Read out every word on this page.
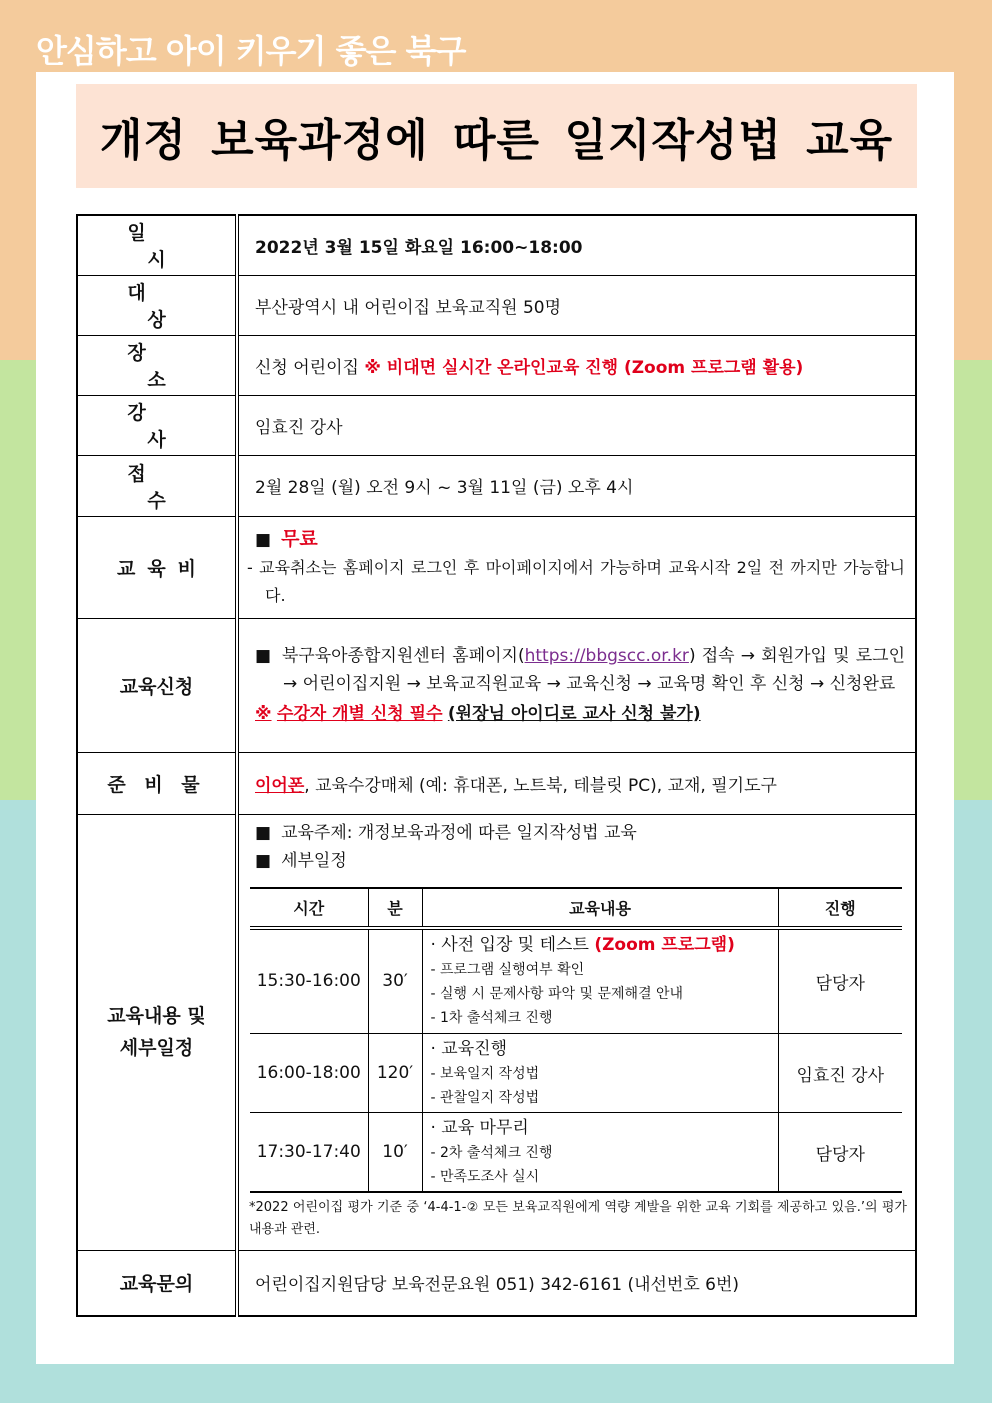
안심하고 아이 키우기 좋은 북구
개정 보육과정에 따른 일지작성법 교육
일 시	2022년 3월 15일 화요일 16:00~18:00
대 상	부산광역시 내 어린이집 보육교직원 50명
장 소	신청 어린이집 ※ 비대면 실시간 온라인교육 진행 (Zoom 프로그램 활용)
강 사	임효진 강사
접 수	2월 28일 (월) 오전 9시 ~ 3월 11일 (금) 오후 4시
교육비	
■ 무료
- 교육취소는 홈페이지 로그인 후 마이페이지에서 가능하며 교육시작 2일 전 까지만 가능합니다.

교육신청	
■ 북구육아종합지원센터 홈페이지(https://bbgscc.or.kr) 접속 → 회원가입 및 로그인 → 어린이집지원 → 보육교직원교육 → 교육신청 → 교육명 확인 후 신청 → 신청완료
※ 수강자 개별 신청 필수 (원장님 아이디로 교사 신청 불가)

준 비 물	이어폰, 교육수강매체 (예: 휴대폰, 노트북, 테블릿 PC), 교재, 필기도구

교육내용 및
세부일정

■ 교육주제: 개정보육과정에 따른 일지작성법 교육
■ 세부일정
시간	분	교육내용	진행
15:30-16:00	30′	
· 사전 입장 및 테스트 (Zoom 프로그램)
- 프로그램 실행여부 확인
- 실행 시 문제사항 파악 및 문제해결 안내
- 1차 출석체크 진행
	담당자
16:00-18:00	120′	
· 교육진행
- 보육일지 작성법
- 관찰일지 작성법
	임효진 강사
17:30-17:40	10′	
· 교육 마무리
- 2차 출석체크 진행
- 만족도조사 실시
	담당자
*2022 어린이집 평가 기준 중 ‘4-4-1-② 모든 보육교직원에게 역량 계발을 위한 교육 기회를 제공하고 있음.’의 평가내용과 관련.

교육문의	어린이집지원담당 보육전문요원 051) 342-6161 (내선번호 6번)
